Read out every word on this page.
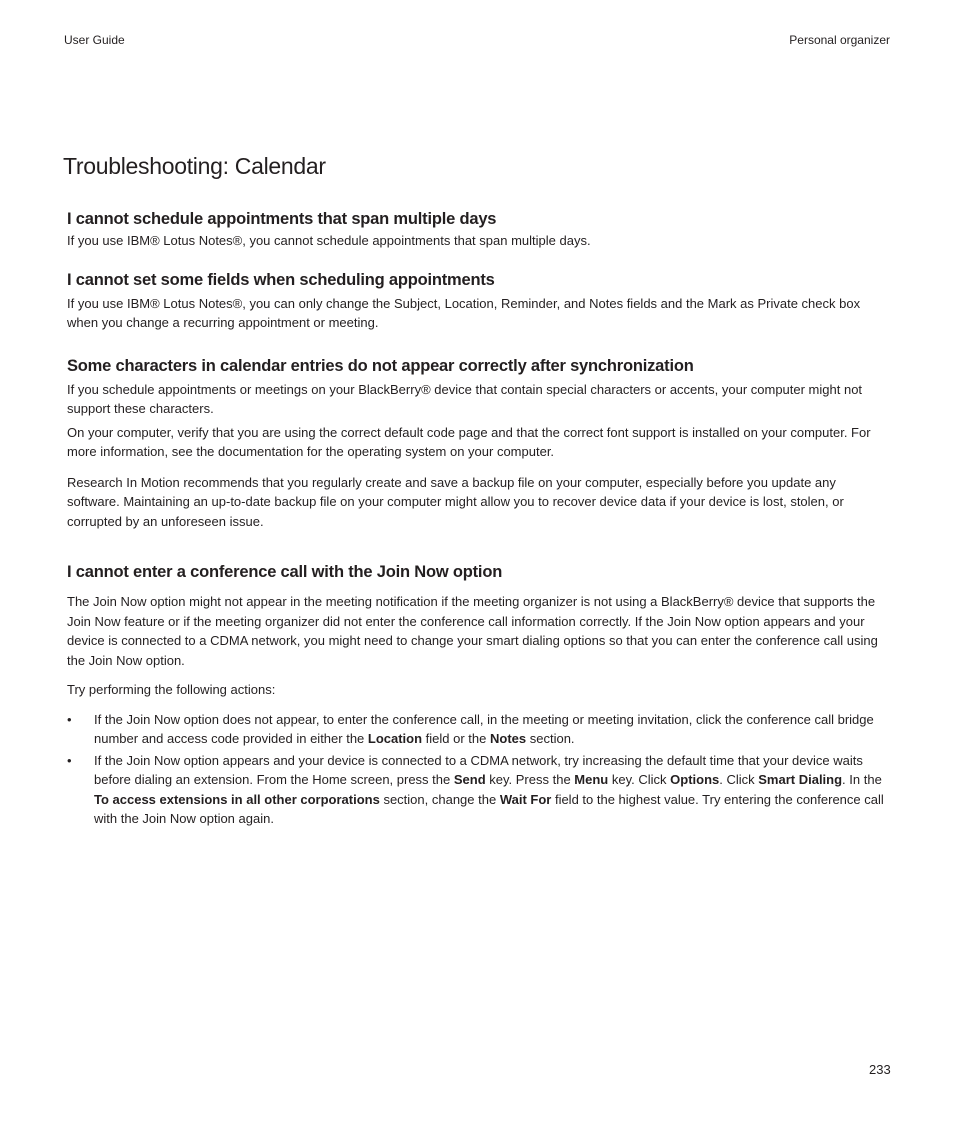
User Guide	Personal organizer
Troubleshooting: Calendar
I cannot schedule appointments that span multiple days

If you use IBM® Lotus Notes®, you cannot schedule appointments that span multiple days.

I cannot set some fields when scheduling appointments

If you use IBM® Lotus Notes®, you can only change the Subject, Location, Reminder, and Notes fields and the Mark as Private check box when you change a recurring appointment or meeting.

Some characters in calendar entries do not appear correctly after synchronization

If you schedule appointments or meetings on your BlackBerry® device that contain special characters or accents, your computer might not support these characters.

On your computer, verify that you are using the correct default code page and that the correct font support is installed on your computer. For more information, see the documentation for the operating system on your computer.

Research In Motion recommends that you regularly create and save a backup file on your computer, especially before you update any software. Maintaining an up-to-date backup file on your computer might allow you to recover device data if your device is lost, stolen, or corrupted by an unforeseen issue.

I cannot enter a conference call with the Join Now option

The Join Now option might not appear in the meeting notification if the meeting organizer is not using a BlackBerry® device that supports the Join Now feature or if the meeting organizer did not enter the conference call information correctly. If the Join Now option appears and your device is connected to a CDMA network, you might need to change your smart dialing options so that you can enter the conference call using the Join Now option.

Try performing the following actions:

• If the Join Now option does not appear, to enter the conference call, in the meeting or meeting invitation, click the conference call bridge number and access code provided in either the Location field or the Notes section.
• If the Join Now option appears and your device is connected to a CDMA network, try increasing the default time that your device waits before dialing an extension. From the Home screen, press the Send key. Press the Menu key. Click Options. Click Smart Dialing. In the To access extensions in all other corporations section, change the Wait For field to the highest value. Try entering the conference call with the Join Now option again.
233
